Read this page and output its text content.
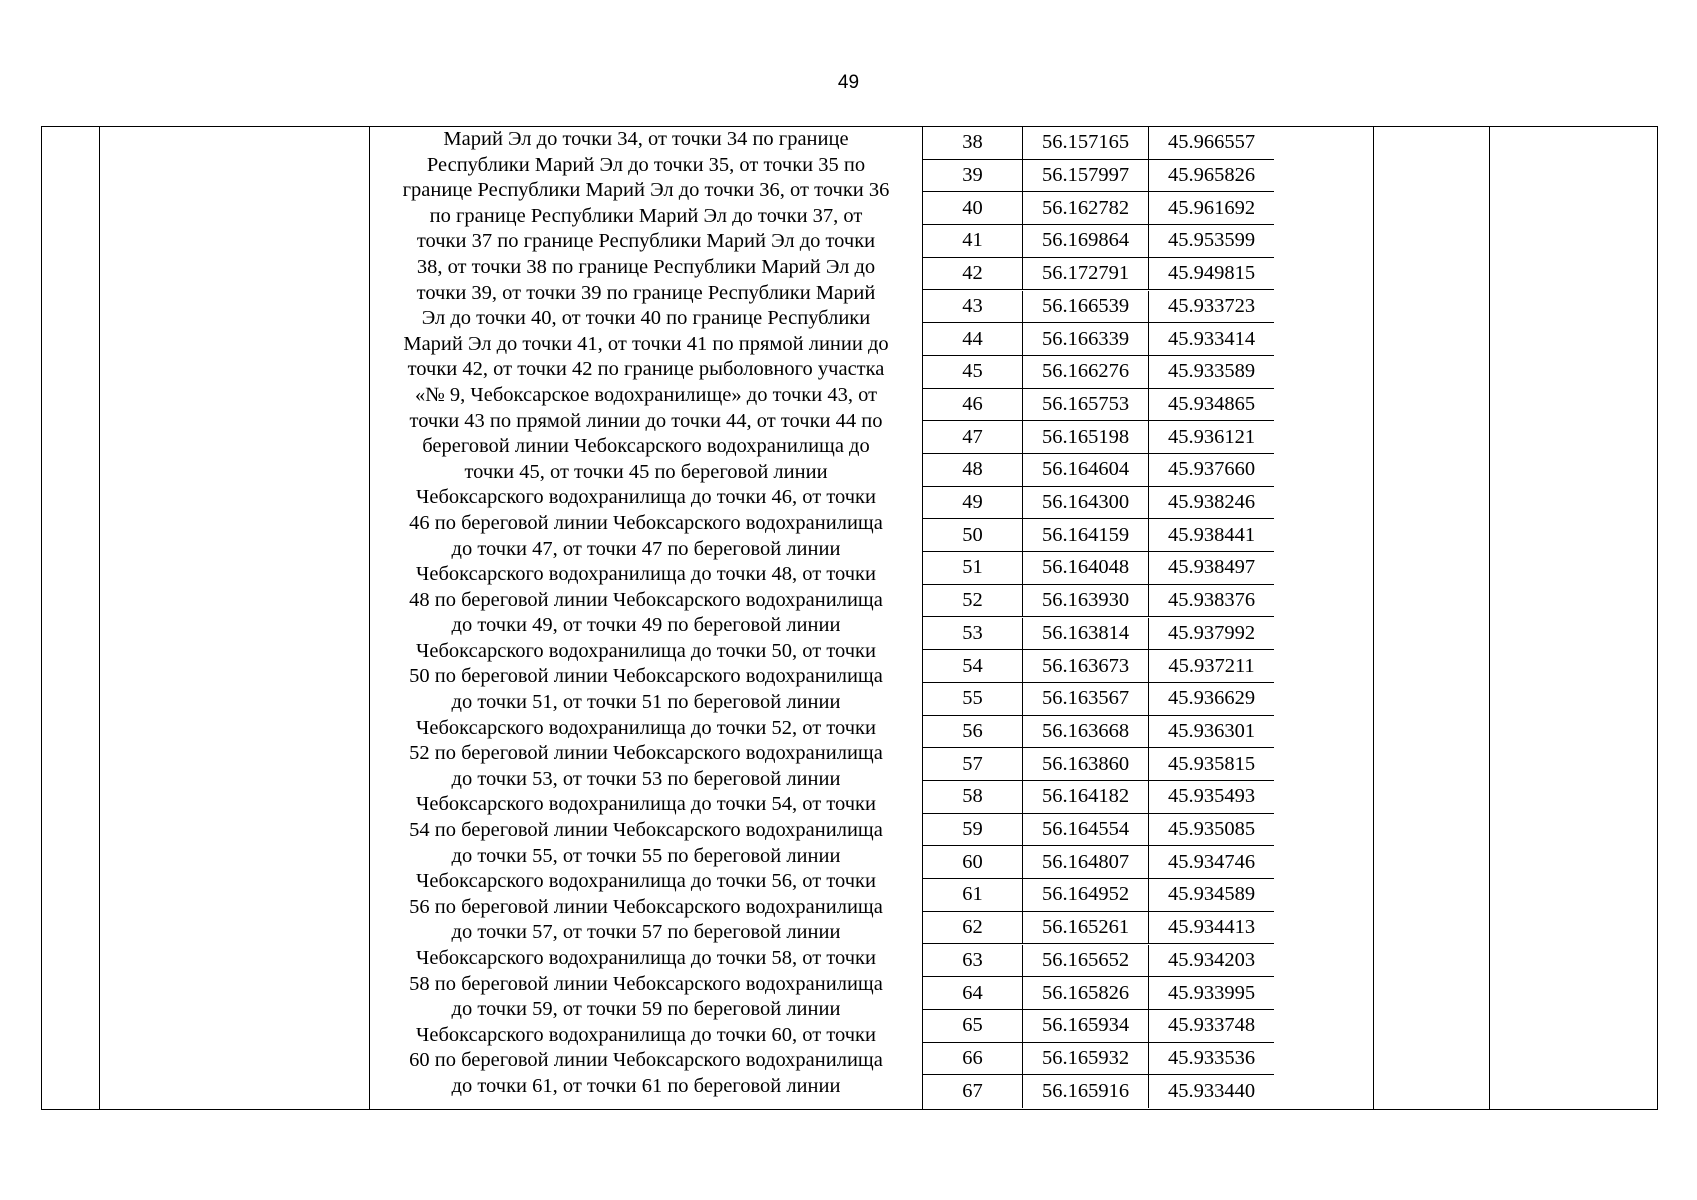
49

Марий Эл до точки 34, от точки 34 по границе
Республики Марий Эл до точки 35, от точки 35 по
границе Республики Марий Эл до точки 36, от точки 36
по границе Республики Марий Эл до точки 37, от
точки 37 по границе Республики Марий Эл до точки
38, от точки 38 по границе Республики Марий Эл до
точки 39, от точки 39 по границе Республики Марий
Эл до точки 40, от точки 40 по границе Республики
Марий Эл до точки 41, от точки 41 по прямой линии до
точки 42, от точки 42 по границе рыболовного участка
«№ 9, Чебоксарское водохранилище» до точки 43, от
точки 43 по прямой линии до точки 44, от точки 44 по
береговой линии Чебоксарского водохранилища до
точки 45, от точки 45 по береговой линии
Чебоксарского водохранилища до точки 46, от точки
46 по береговой линии Чебоксарского водохранилища
до точки 47, от точки 47 по береговой линии
Чебоксарского водохранилища до точки 48, от точки
48 по береговой линии Чебоксарского водохранилища
до точки 49, от точки 49 по береговой линии
Чебоксарского водохранилища до точки 50, от точки
50 по береговой линии Чебоксарского водохранилища
до точки 51, от точки 51 по береговой линии
Чебоксарского водохранилища до точки 52, от точки
52 по береговой линии Чебоксарского водохранилища
до точки 53, от точки 53 по береговой линии
Чебоксарского водохранилища до точки 54, от точки
54 по береговой линии Чебоксарского водохранилища
до точки 55, от точки 55 по береговой линии
Чебоксарского водохранилища до точки 56, от точки
56 по береговой линии Чебоксарского водохранилища
до точки 57, от точки 57 по береговой линии
Чебоксарского водохранилища до точки 58, от точки
58 по береговой линии Чебоксарского водохранилища
до точки 59, от точки 59 по береговой линии
Чебоксарского водохранилища до точки 60, от точки
60 по береговой линии Чебоксарского водохранилища
до точки 61, от точки 61 по береговой линии

38	56.157165	45.966557
39	56.157997	45.965826
40	56.162782	45.961692
41	56.169864	45.953599
42	56.172791	45.949815
43	56.166539	45.933723
44	56.166339	45.933414
45	56.166276	45.933589
46	56.165753	45.934865
47	56.165198	45.936121
48	56.164604	45.937660
49	56.164300	45.938246
50	56.164159	45.938441
51	56.164048	45.938497
52	56.163930	45.938376
53	56.163814	45.937992
54	56.163673	45.937211
55	56.163567	45.936629
56	56.163668	45.936301
57	56.163860	45.935815
58	56.164182	45.935493
59	56.164554	45.935085
60	56.164807	45.934746
61	56.164952	45.934589
62	56.165261	45.934413
63	56.165652	45.934203
64	56.165826	45.933995
65	56.165934	45.933748
66	56.165932	45.933536
67	56.165916	45.933440
